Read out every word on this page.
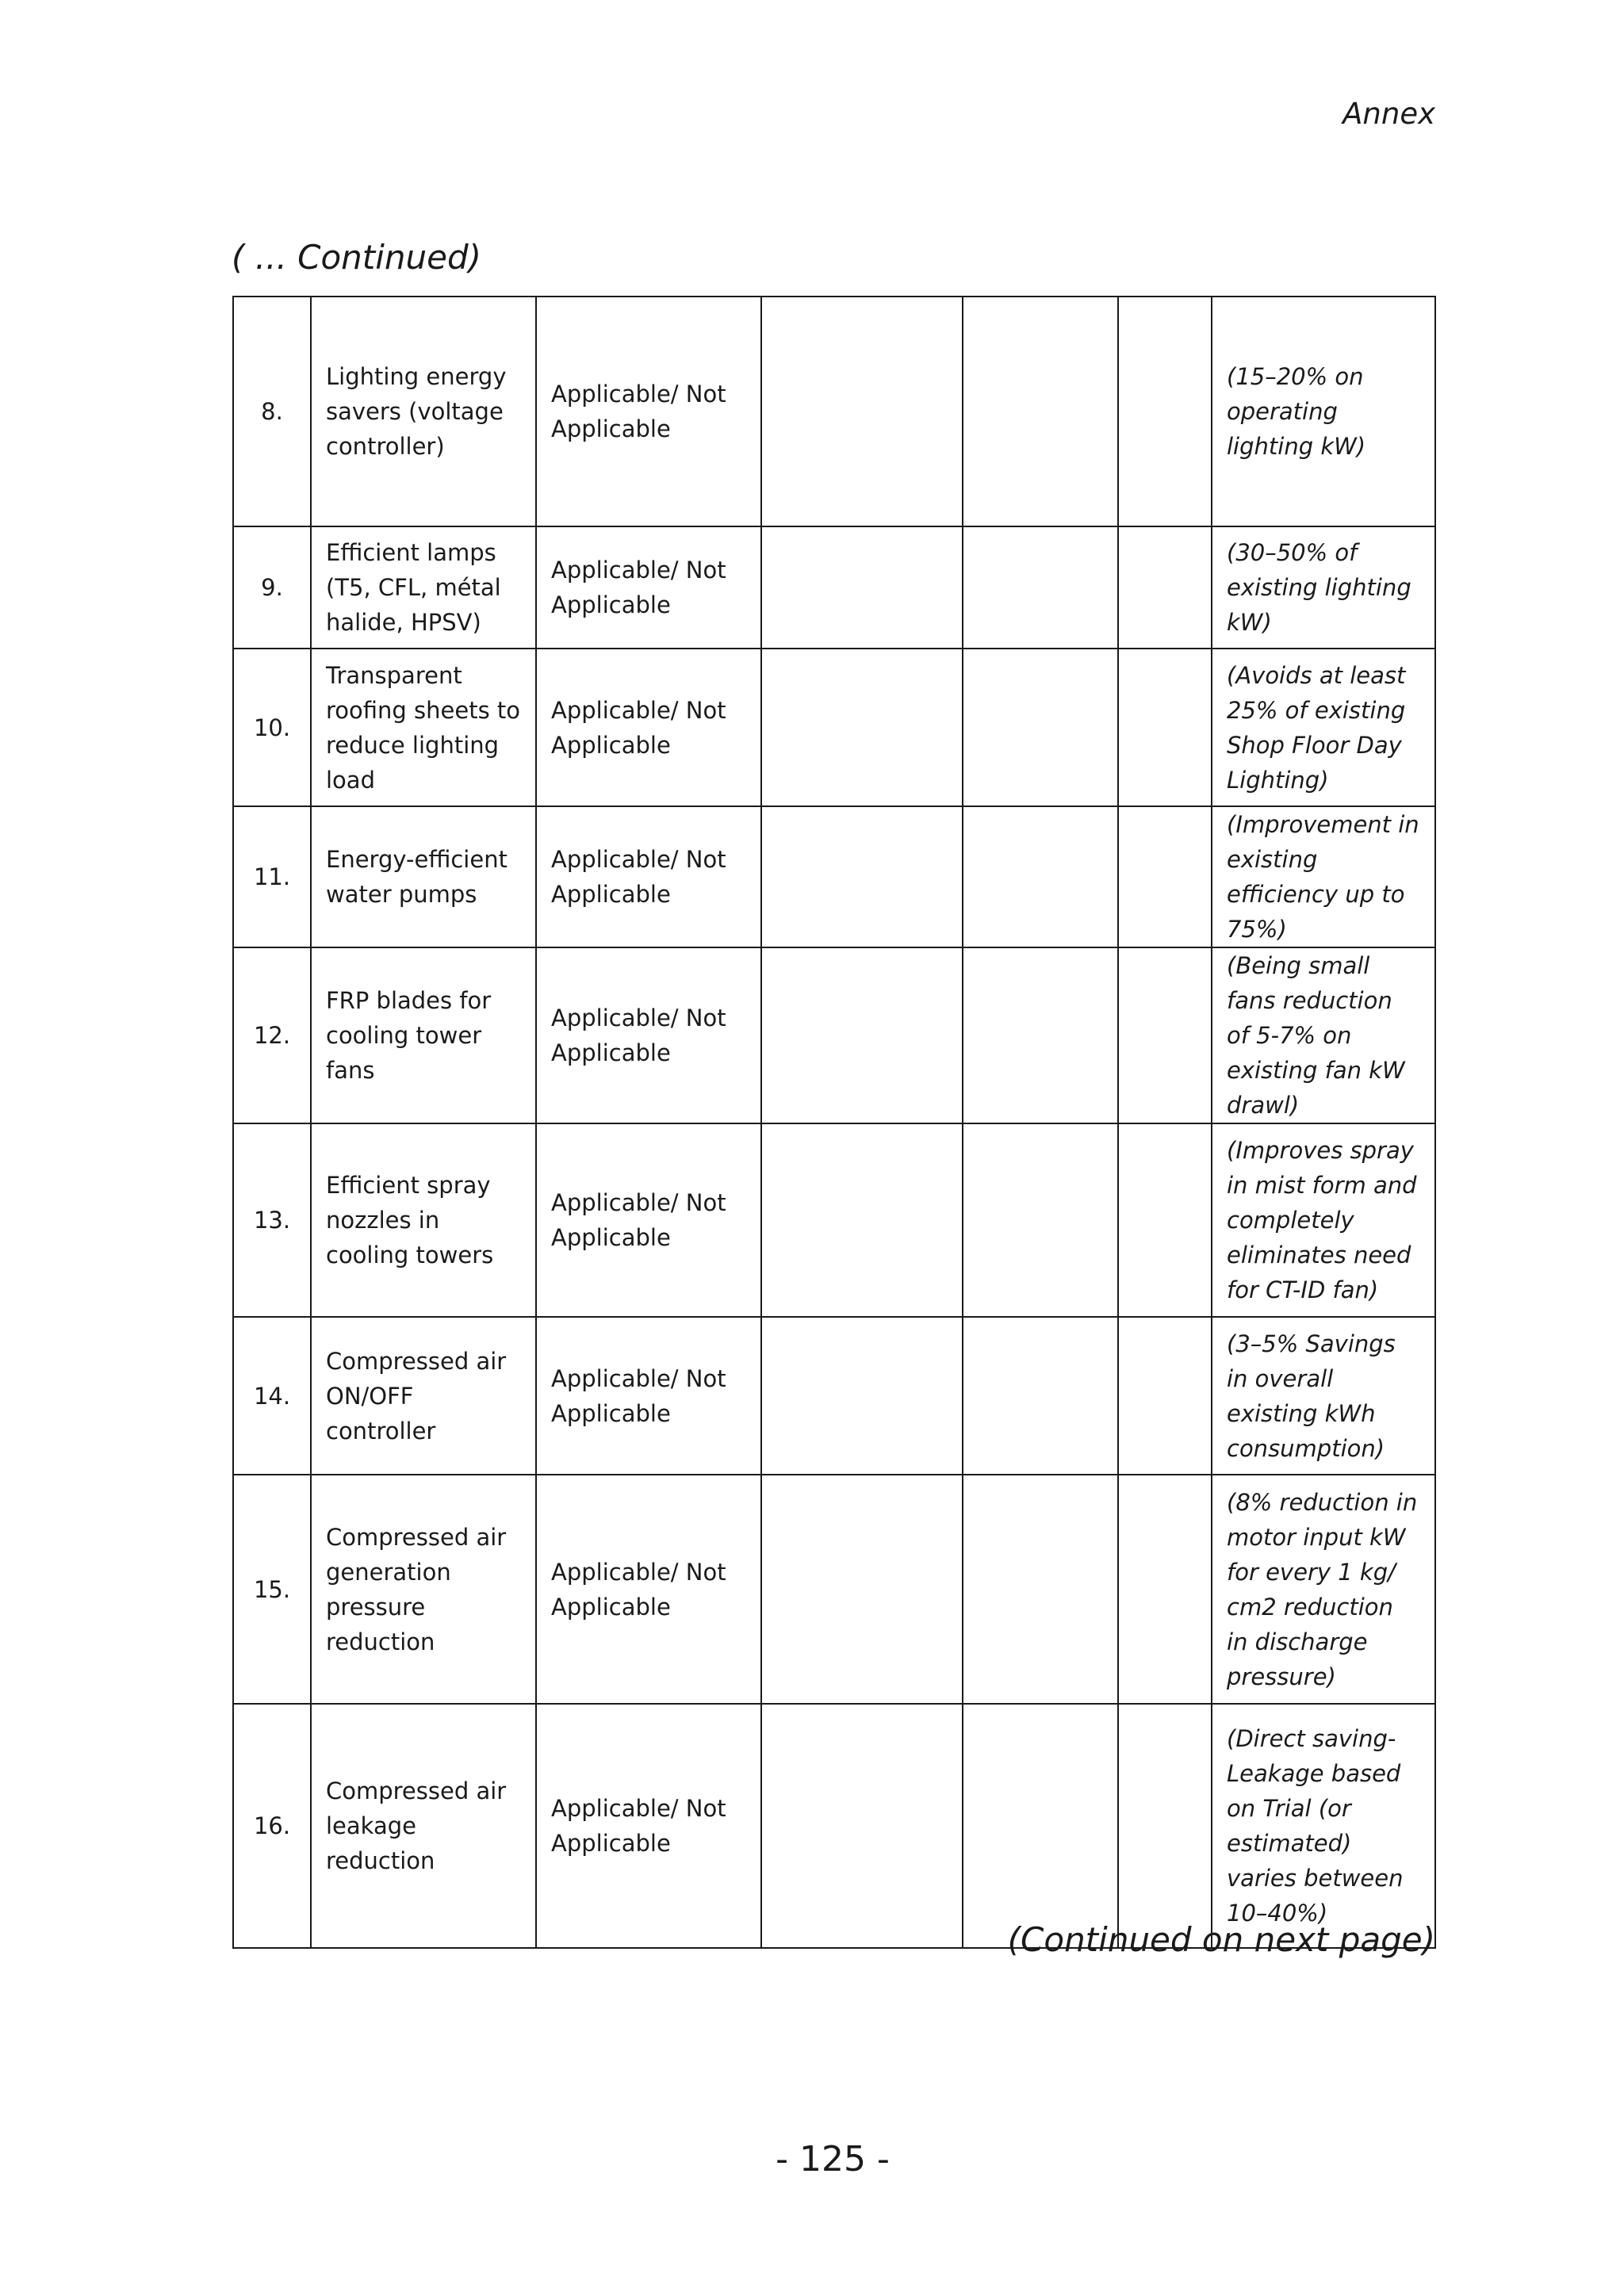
Annex
( ... Continued)
8.	Lighting energy savers (voltage controller)	Applicable/ Not Applicable				(15–20% on operating lighting kW)
9.	Efficient lamps (T5, CFL, métal halide, HPSV)	Applicable/ Not Applicable				(30–50% of existing lighting kW)
10.	Transparent roofing sheets to reduce lighting load	Applicable/ Not Applicable				(Avoids at least 25% of existing Shop Floor Day Lighting)
11.	Energy-efficient water pumps	Applicable/ Not Applicable				(Improvement in existing efficiency up to 75%)
12.	FRP blades for cooling tower fans	Applicable/ Not Applicable				(Being small fans reduction of 5-7% on existing fan kW drawl)
13.	Efficient spray nozzles in cooling towers	Applicable/ Not Applicable				(Improves spray in mist form and completely eliminates need for CT-ID fan)
14.	Compressed air ON/OFF controller	Applicable/ Not Applicable				(3–5% Savings in overall existing kWh consumption)
15.	Compressed air generation pressure reduction	Applicable/ Not Applicable				(8% reduction in motor input kW for every 1 kg/ cm2 reduction in discharge pressure)
16.	Compressed air leakage reduction	Applicable/ Not Applicable				(Direct saving- Leakage based on Trial (or estimated) varies between 10–40%)
(Continued on next page)
- 125 -
